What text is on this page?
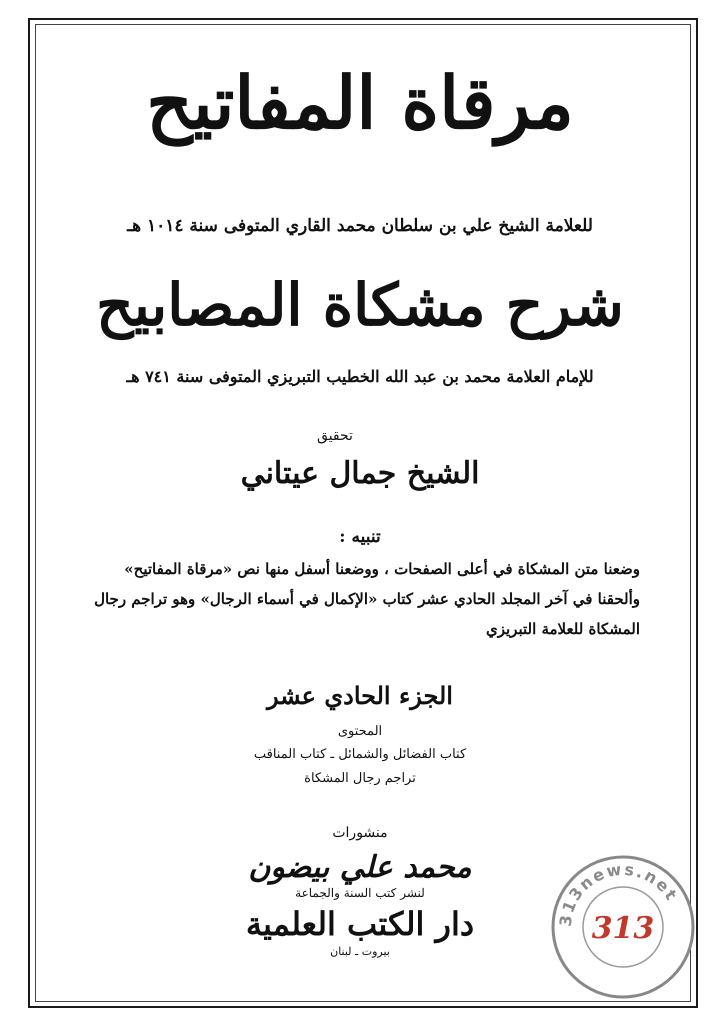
مرقاة المفاتيح
للعلامة الشيخ علي بن سلطان محمد القاري المتوفى سنة ١٠١٤ هـ
شرح مشكاة المصابيح
للإمام العلامة محمد بن عبد الله الخطيب التبريزي المتوفى سنة ٧٤١ هـ
تحقيق
الشيخ جمال عيتاني
تنبيه :
وضعنا متن المشكاة في أعلى الصفحات ، ووضعنا أسفل منها نص «مرقاة المفاتيح» وألحقنا في آخر المجلد الحادي عشر كتاب «الإكمال في أسماء الرجال» وهو تراجم رجال المشكاة للعلامة التبريزي
الجزء الحادي عشر
المحتوى
كتاب الفضائل والشمائل ـ كتاب المناقب
تراجم رجال المشكاة
منشورات
محمد علي بيضون
لنشر كتب السنة والجماعة
دار الكتب العلمية
بيروت ـ لبنان
313news.net
313
